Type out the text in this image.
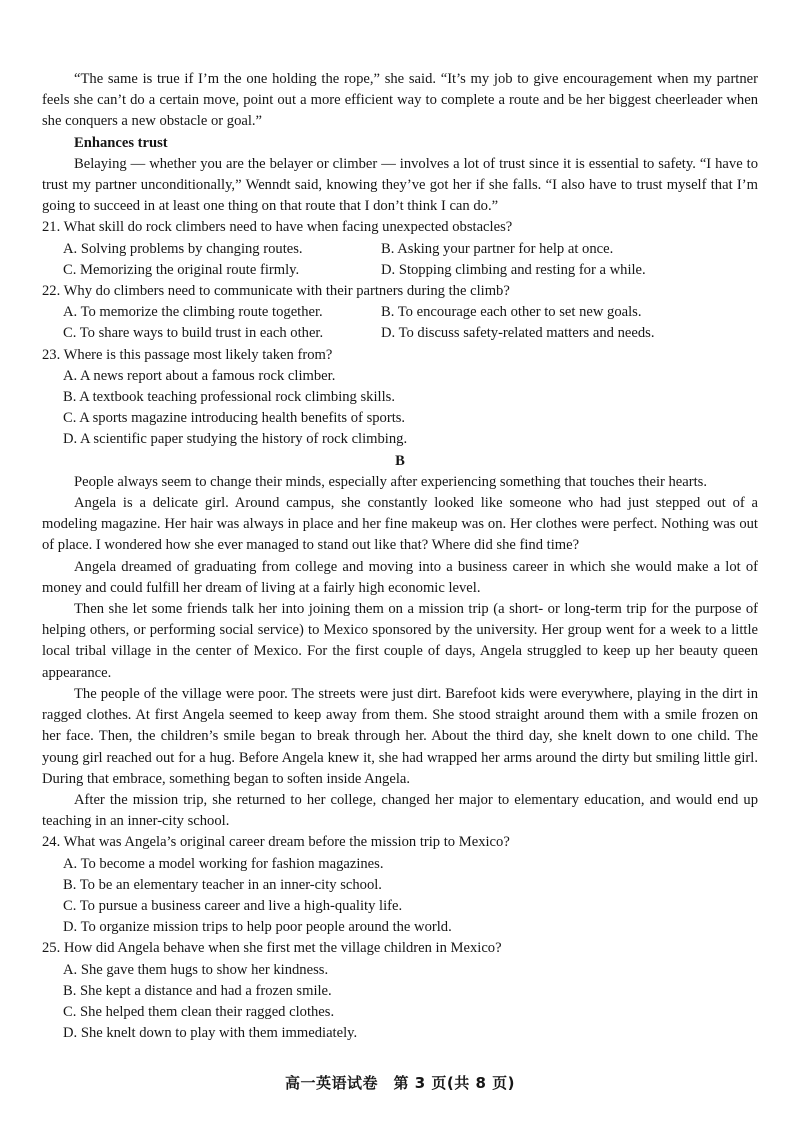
“The same is true if I’m the one holding the rope,” she said. “It’s my job to give encouragement when my partner feels she can’t do a certain move, point out a more efficient way to complete a route and be her biggest cheerleader when she conquers a new obstacle or goal.”

Enhances trust

Belaying — whether you are the belayer or climber — involves a lot of trust since it is essential to safety. “I have to trust my partner unconditionally,” Wenndt said, knowing they’ve got her if she falls. “I also have to trust myself that I’m going to succeed in at least one thing on that route that I don’t think I can do.”

21. What skill do rock climbers need to have when facing unexpected obstacles?
A. Solving problems by changing routes.	B. Asking your partner for help at once.
C. Memorizing the original route firmly.	D. Stopping climbing and resting for a while.
22. Why do climbers need to communicate with their partners during the climb?
A. To memorize the climbing route together.	B. To encourage each other to set new goals.
C. To share ways to build trust in each other.	D. To discuss safety-related matters and needs.
23. Where is this passage most likely taken from?
A. A news report about a famous rock climber.
B. A textbook teaching professional rock climbing skills.
C. A sports magazine introducing health benefits of sports.
D. A scientific paper studying the history of rock climbing.

B

People always seem to change their minds, especially after experiencing something that touches their hearts.

Angela is a delicate girl. Around campus, she constantly looked like someone who had just stepped out of a modeling magazine. Her hair was always in place and her fine makeup was on. Her clothes were perfect. Nothing was out of place. I wondered how she ever managed to stand out like that? Where did she find time?

Angela dreamed of graduating from college and moving into a business career in which she would make a lot of money and could fulfill her dream of living at a fairly high economic level.

Then she let some friends talk her into joining them on a mission trip (a short- or long-term trip for the purpose of helping others, or performing social service) to Mexico sponsored by the university. Her group went for a week to a little local tribal village in the center of Mexico. For the first couple of days, Angela struggled to keep up her beauty queen appearance.

The people of the village were poor. The streets were just dirt. Barefoot kids were everywhere, playing in the dirt in ragged clothes. At first Angela seemed to keep away from them. She stood straight around them with a smile frozen on her face. Then, the children’s smile began to break through her. About the third day, she knelt down to one child. The young girl reached out for a hug. Before Angela knew it, she had wrapped her arms around the dirty but smiling little girl. During that embrace, something began to soften inside Angela.

After the mission trip, she returned to her college, changed her major to elementary education, and would end up teaching in an inner-city school.

24. What was Angela’s original career dream before the mission trip to Mexico?
A. To become a model working for fashion magazines.
B. To be an elementary teacher in an inner-city school.
C. To pursue a business career and live a high-quality life.
D. To organize mission trips to help poor people around the world.
25. How did Angela behave when she first met the village children in Mexico?
A. She gave them hugs to show her kindness.
B. She kept a distance and had a frozen smile.
C. She helped them clean their ragged clothes.
D. She knelt down to play with them immediately.
高一英语试卷　第 3 页(共 8 页)
